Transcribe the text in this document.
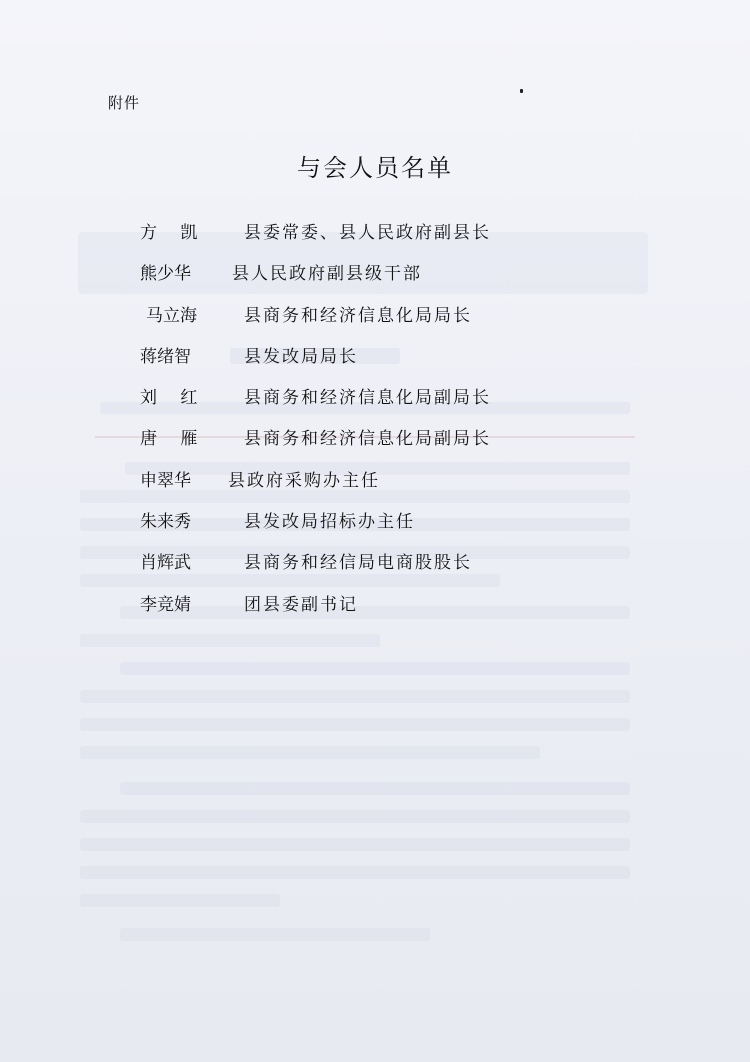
附件
与会人员名单
方 凯	县委常委、县人民政府副县长
熊少华	县人民政府副县级干部
马立海	县商务和经济信息化局局长
蒋绪智	县发改局局长
刘 红	县商务和经济信息化局副局长
唐 雁	县商务和经济信息化局副局长
申翠华	县政府采购办主任
朱来秀	县发改局招标办主任
肖辉武	县商务和经信局电商股股长
李竞婧	团县委副书记
